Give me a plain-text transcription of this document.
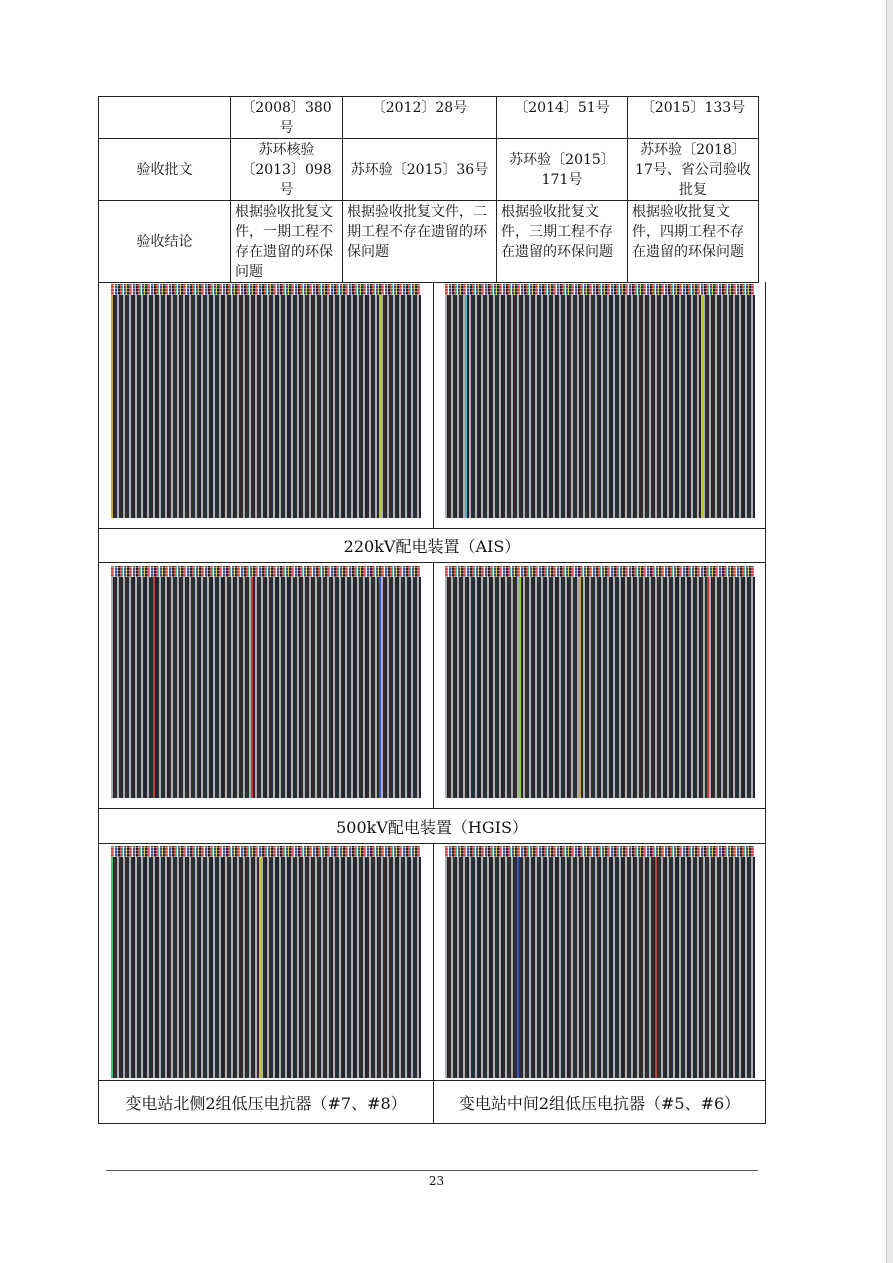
	〔2008〕380号	〔2012〕28号	〔2014〕51号	〔2015〕133号
验收批文	苏环核验〔2013〕098号	苏环验〔2015〕36号	苏环验〔2015〕171号	苏环验〔2018〕17号、省公司验收批复
验收结论	根据验收批复文件，一期工程不存在遗留的环保问题	根据验收批复文件，二期工程不存在遗留的环保问题	根据验收批复文件，三期工程不存在遗留的环保问题	根据验收批复文件，四期工程不存在遗留的环保问题
220kV配电装置（AIS）
500kV配电装置（HGIS）
变电站北侧2组低压电抗器（#7、#8）	变电站中间2组低压电抗器（#5、#6）
23
